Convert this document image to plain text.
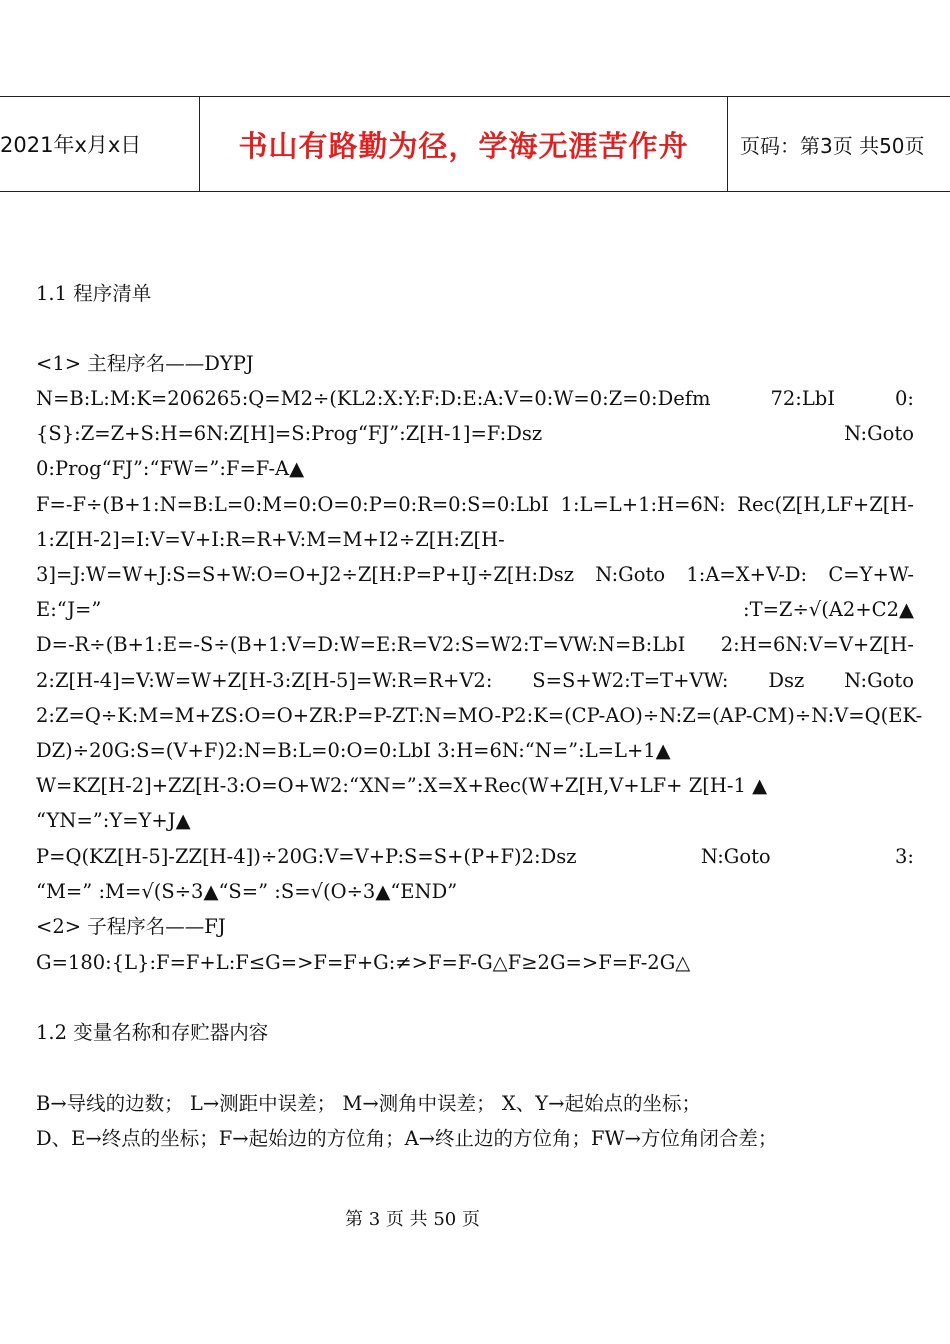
2021年x月x日	书山有路勤为径，学海无涯苦作舟	页码：第3页 共50页
1.1 程序清单
<1> 主程序名——DYPJ
N=B:L:M:K=206265:Q=M2÷(KL2:X:Y:F:D:E:A:V=0:W=0:Z=0:Defm	72:LbI	0:
{S}:Z=Z+S:H=6N:Z[H]=S:Prog“FJ”:Z[H-1]=F:Dsz	N:Goto
0:Prog“FJ”:“FW=”:F=F-A▲
F=-F÷(B+1:N=B:L=0:M=0:O=0:P=0:R=0:S=0:LbI 1:L=L+1:H=6N: Rec(Z[H,LF+Z[H-
1:Z[H-2]=I:V=V+I:R=R+V:M=M+I2÷Z[H:Z[H-
3]=J:W=W+J:S=S+W:O=O+J2÷Z[H:P=P+IJ÷Z[H:Dsz N:Goto 1:A=X+V-D: C=Y+W-
E:“J=”	:T=Z÷√(A2+C2▲
D=-R÷(B+1:E=-S÷(B+1:V=D:W=E:R=V2:S=W2:T=VW:N=B:LbI 2:H=6N:V=V+Z[H-
2:Z[H-4]=V:W=W+Z[H-3:Z[H-5]=W:R=R+V2: S=S+W2:T=T+VW: Dsz N:Goto
2:Z=Q÷K:M=M+ZS:O=O+ZR:P=P-ZT: N=MO-P2:K=(CP-AO)÷N:Z=(AP-CM)÷N:V=Q(EK-
DZ)÷20G:S=(V+F)2:N=B:L=0:O=0:LbI 3:H=6N:“N=”:L=L+1▲
W=KZ[H-2]+ZZ[H-3:O=O+W2:“XN=”:X=X+Rec(W+Z[H,V+LF+ Z[H-1 ▲
“YN=”:Y=Y+J▲
P=Q(KZ[H-5]-ZZ[H-4])÷20G:V=V+P:S=S+(P+F)2:Dsz	N:Goto	3:
“M=” :M=√(S÷3▲“S=” :S=√(O÷3▲“END”
<2> 子程序名——FJ
G=180:{L}:F=F+L:F≤G=>F=F+G:≠>F=F-G△F≥2G=>F=F-2G△
1.2 变量名称和存贮器内容
B→导线的边数； L→测距中误差； M→测角中误差； X、Y→起始点的坐标；
D、E→终点的坐标；F→起始边的方位角；A→终止边的方位角；FW→方位角闭合差；
第 3 页 共 50 页
